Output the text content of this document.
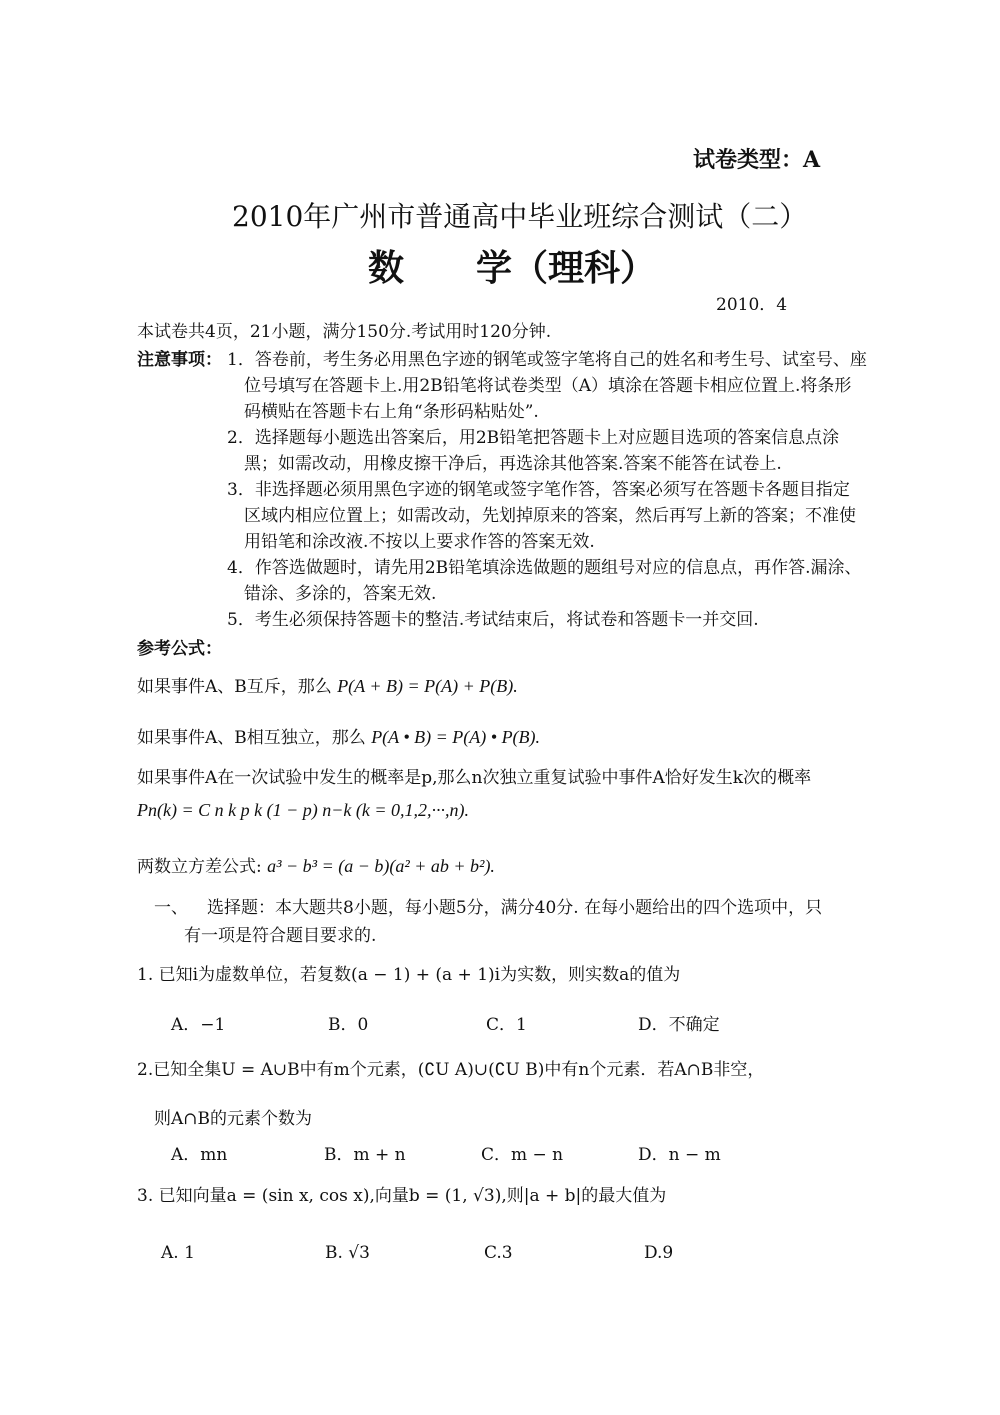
试卷类型：A
2010年广州市普通高中毕业班综合测试（二）
数　　学（理科）
2010．4
本试卷共4页，21小题，满分150分.考试用时120分钟.
注意事项： 1．答卷前，考生务必用黑色字迹的钢笔或签字笔将自己的姓名和考生号、试室号、座
位号填写在答题卡上.用2B铅笔将试卷类型（A）填涂在答题卡相应位置上.将条形
码横贴在答题卡右上角“条形码粘贴处”.
2．选择题每小题选出答案后，用2B铅笔把答题卡上对应题目选项的答案信息点涂
黑；如需改动，用橡皮擦干净后，再选涂其他答案.答案不能答在试卷上.
3．非选择题必须用黑色字迹的钢笔或签字笔作答，答案必须写在答题卡各题目指定
区域内相应位置上；如需改动，先划掉原来的答案，然后再写上新的答案；不准使
用铅笔和涂改液.不按以上要求作答的答案无效.
4．作答选做题时，请先用2B铅笔填涂选做题的题组号对应的信息点，再作答.漏涂、
错涂、多涂的，答案无效.
5．考生必须保持答题卡的整洁.考试结束后，将试卷和答题卡一并交回.
参考公式：
如果事件A、B互斥，那么 P(A + B) = P(A) + P(B).
如果事件A、B相互独立，那么 P(A • B) = P(A) • P(B).
如果事件A在一次试验中发生的概率是p,那么n次独立重复试验中事件A恰好发生k次的概率
Pn(k) = C n k p k (1 − p) n−k (k = 0,1,2,···,n).
两数立方差公式: a³ − b³ = (a − b)(a² + ab + b²).
一、 选择题：本大题共8小题，每小题5分，满分40分. 在每小题给出的四个选项中，只
有一项是符合题目要求的.
1. 已知i为虚数单位，若复数(a − 1) + (a + 1)i为实数，则实数a的值为
A．−1	B．0	C．1	D．不确定
2.已知全集U = A∪B中有m个元素，(∁U A)∪(∁U B)中有n个元素．若A∩B非空，
则A∩B的元素个数为
A．mn	B．m + n	C．m − n	D．n − m
3. 已知向量a = (sin x, cos x),向量b = (1, √3),则|a + b|的最大值为
A. 1	B. √3	C.3	D.9
